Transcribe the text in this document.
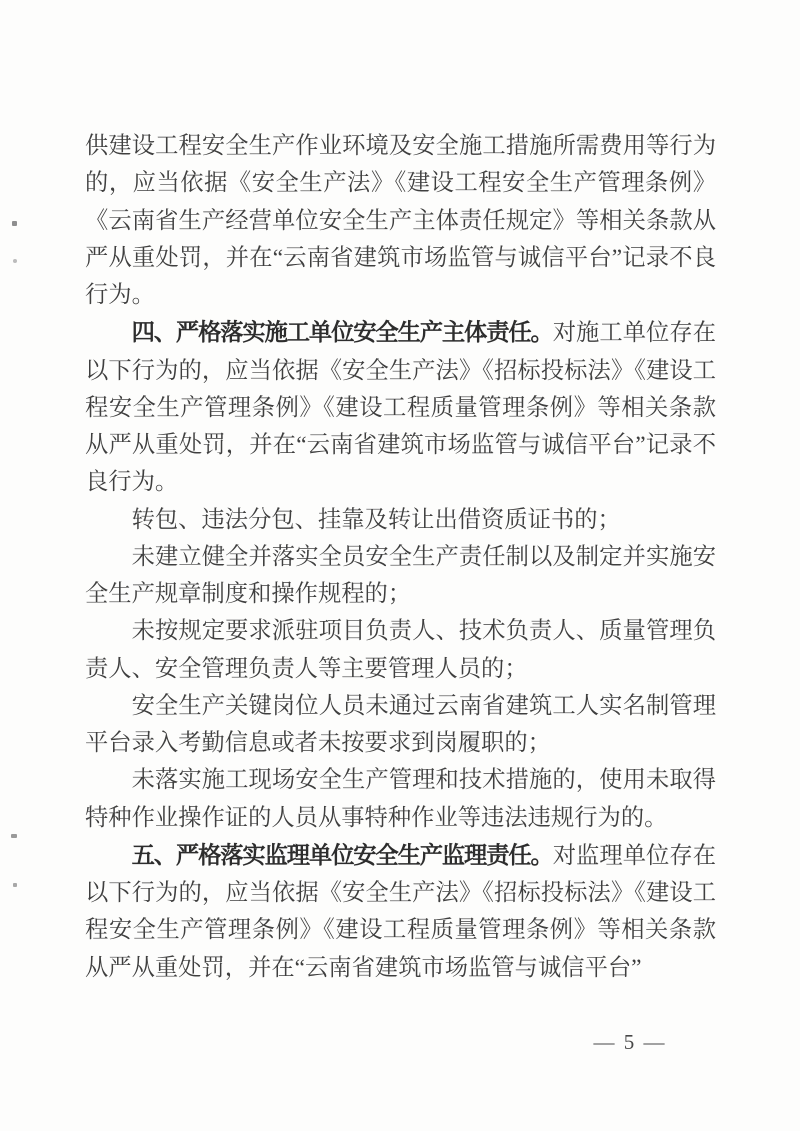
供建设工程安全生产作业环境及安全施工措施所需费用等行为的，应当依据《安全生产法》《建设工程安全生产管理条例》《云南省生产经营单位安全生产主体责任规定》等相关条款从严从重处罚，并在“云南省建筑市场监管与诚信平台”记录不良行为。

四、严格落实施工单位安全生产主体责任。对施工单位存在以下行为的，应当依据《安全生产法》《招标投标法》《建设工程安全生产管理条例》《建设工程质量管理条例》等相关条款从严从重处罚，并在“云南省建筑市场监管与诚信平台”记录不良行为。

转包、违法分包、挂靠及转让出借资质证书的；

未建立健全并落实全员安全生产责任制以及制定并实施安全生产规章制度和操作规程的；

未按规定要求派驻项目负责人、技术负责人、质量管理负责人、安全管理负责人等主要管理人员的；

安全生产关键岗位人员未通过云南省建筑工人实名制管理平台录入考勤信息或者未按要求到岗履职的；

未落实施工现场安全生产管理和技术措施的，使用未取得特种作业操作证的人员从事特种作业等违法违规行为的。

五、严格落实监理单位安全生产监理责任。对监理单位存在以下行为的，应当依据《安全生产法》《招标投标法》《建设工程安全生产管理条例》《建设工程质量管理条例》等相关条款从严从重处罚，并在“云南省建筑市场监管与诚信平台”

— 5 —
